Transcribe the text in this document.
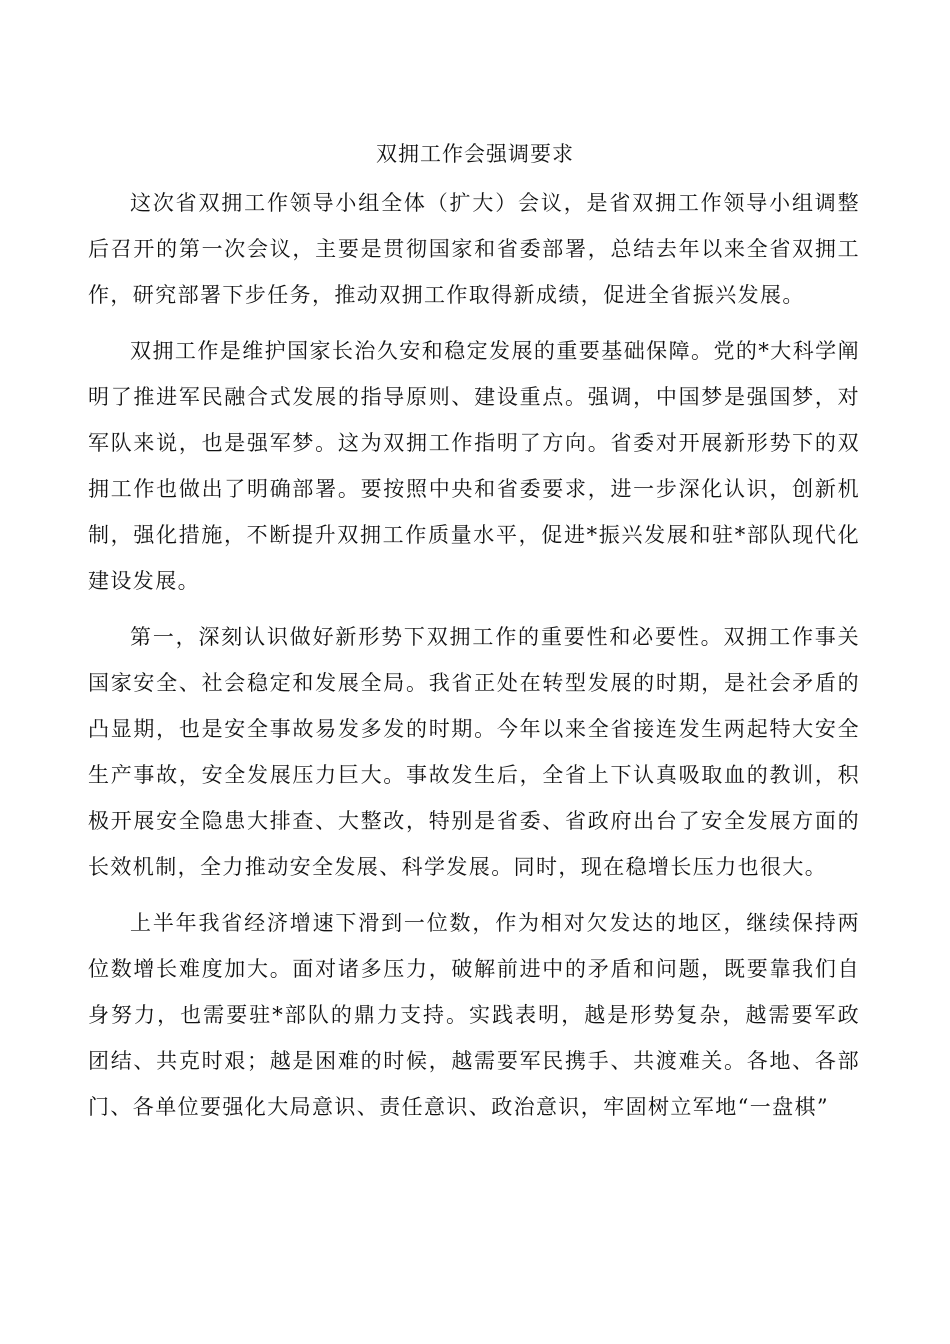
双拥工作会强调要求

这次省双拥工作领导小组全体（扩大）会议，是省双拥工作领导小组调整后召开的第一次会议，主要是贯彻国家和省委部署，总结去年以来全省双拥工作，研究部署下步任务，推动双拥工作取得新成绩，促进全省振兴发展。

双拥工作是维护国家长治久安和稳定发展的重要基础保障。党的*大科学阐明了推进军民融合式发展的指导原则、建设重点。强调，中国梦是强国梦，对军队来说，也是强军梦。这为双拥工作指明了方向。省委对开展新形势下的双拥工作也做出了明确部署。要按照中央和省委要求，进一步深化认识，创新机制，强化措施，不断提升双拥工作质量水平，促进*振兴发展和驻*部队现代化建设发展。

第一，深刻认识做好新形势下双拥工作的重要性和必要性。双拥工作事关国家安全、社会稳定和发展全局。我省正处在转型发展的时期，是社会矛盾的凸显期，也是安全事故易发多发的时期。今年以来全省接连发生两起特大安全生产事故，安全发展压力巨大。事故发生后，全省上下认真吸取血的教训，积极开展安全隐患大排查、大整改，特别是省委、省政府出台了安全发展方面的长效机制，全力推动安全发展、科学发展。同时，现在稳增长压力也很大。

上半年我省经济增速下滑到一位数，作为相对欠发达的地区，继续保持两位数增长难度加大。面对诸多压力，破解前进中的矛盾和问题，既要靠我们自身努力，也需要驻*部队的鼎力支持。实践表明，越是形势复杂，越需要军政团结、共克时艰；越是困难的时候，越需要军民携手、共渡难关。各地、各部门、各单位要强化大局意识、责任意识、政治意识，牢固树立军地“一盘棋”
